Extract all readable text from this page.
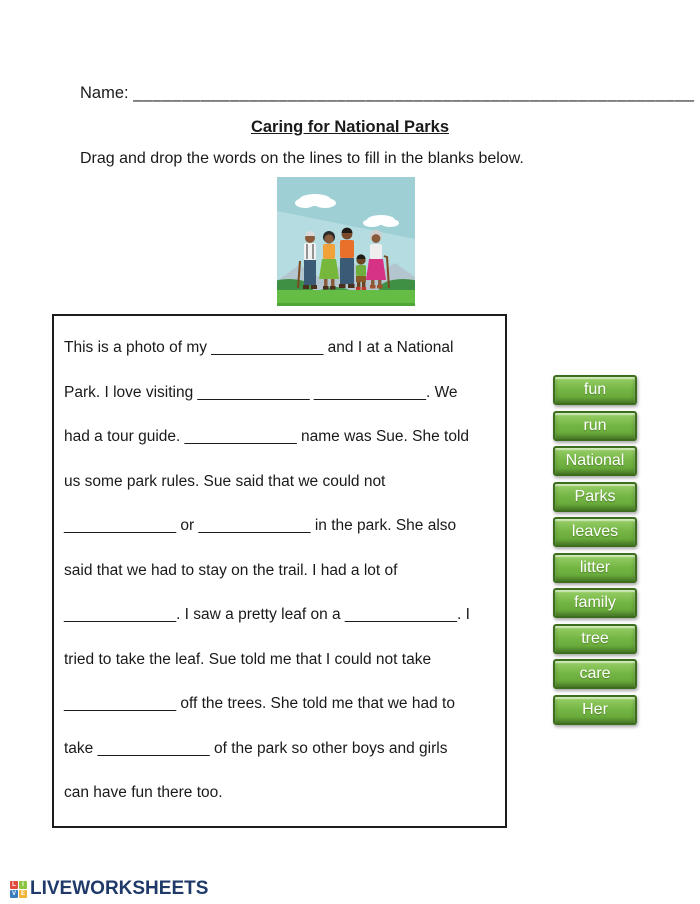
Name: __________________________________________________________
Caring for National Parks
Drag and drop the words on the lines to fill in the blanks below.
This is a photo of my _____________ and I at a National
Park. I love visiting _____________ _____________. We
had a tour guide. _____________ name was Sue. She told
us some park rules. Sue said that we could not
_____________ or _____________ in the park. She also
said that we had to stay on the trail. I had a lot of
_____________. I saw a pretty leaf on a _____________. I
tried to take the leaf. Sue told me that I could not take
_____________ off the trees. She told me that we had to
take _____________ of the park so other boys and girls
can have fun there too.
fun
run
National
Parks
leaves
litter
family
tree
care
Her
L	I
V E LIVEWORKSHEETS
